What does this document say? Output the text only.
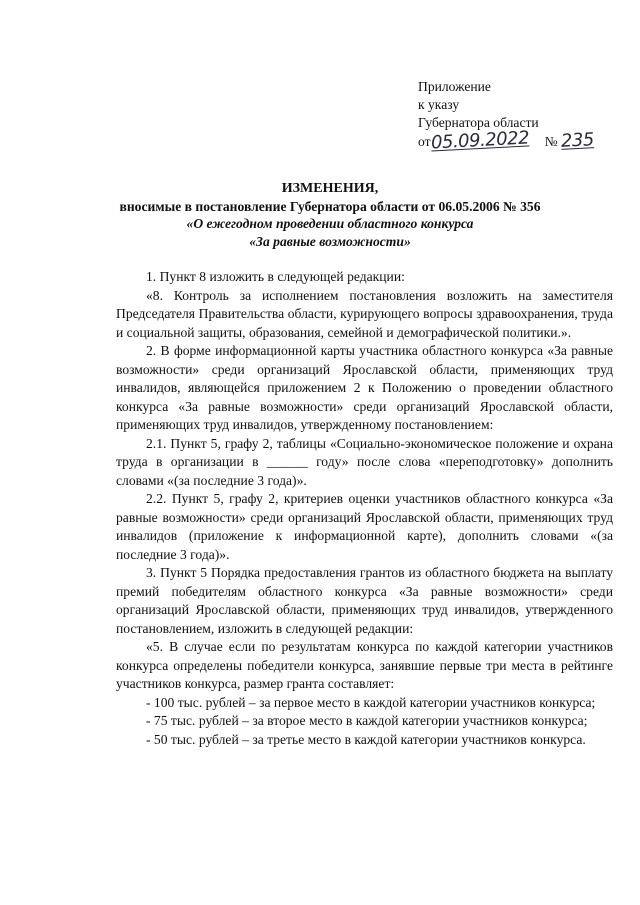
Приложение
к указу
Губернатора области
от05.09.2022 № 235
ИЗМЕНЕНИЯ,
вносимые в постановление Губернатора области от 06.05.2006 № 356
«О ежегодном проведении областного конкурса
«За равные возможности»

1. Пункт 8 изложить в следующей редакции:

«8. Контроль за исполнением постановления возложить на заместителя Председателя Правительства области, курирующего вопросы здравоохранения, труда и социальной защиты, образования, семейной и демографической политики.».

2. В форме информационной карты участника областного конкурса «За равные возможности» среди организаций Ярославской области, применяющих труд инвалидов, являющейся приложением 2 к Положению о проведении областного конкурса «За равные возможности» среди организаций Ярославской области, применяющих труд инвалидов, утвержденному постановлением:

2.1. Пункт 5, графу 2, таблицы «Социально-экономическое положение и охрана труда в организации в ______ году» после слова «переподготовку» дополнить словами «(за последние 3 года)».

2.2. Пункт 5, графу 2, критериев оценки участников областного конкурса «За равные возможности» среди организаций Ярославской области, применяющих труд инвалидов (приложение к информационной карте), дополнить словами «(за последние 3 года)».

3. Пункт 5 Порядка предоставления грантов из областного бюджета на выплату премий победителям областного конкурса «За равные возможности» среди организаций Ярославской области, применяющих труд инвалидов, утвержденного постановлением, изложить в следующей редакции:

«5. В случае если по результатам конкурса по каждой категории участников конкурса определены победители конкурса, занявшие первые три места в рейтинге участников конкурса, размер гранта составляет:

- 100 тыс. рублей – за первое место в каждой категории участников конкурса;

- 75 тыс. рублей – за второе место в каждой категории участников конкурса;

- 50 тыс. рублей – за третье место в каждой категории участников конкурса.
